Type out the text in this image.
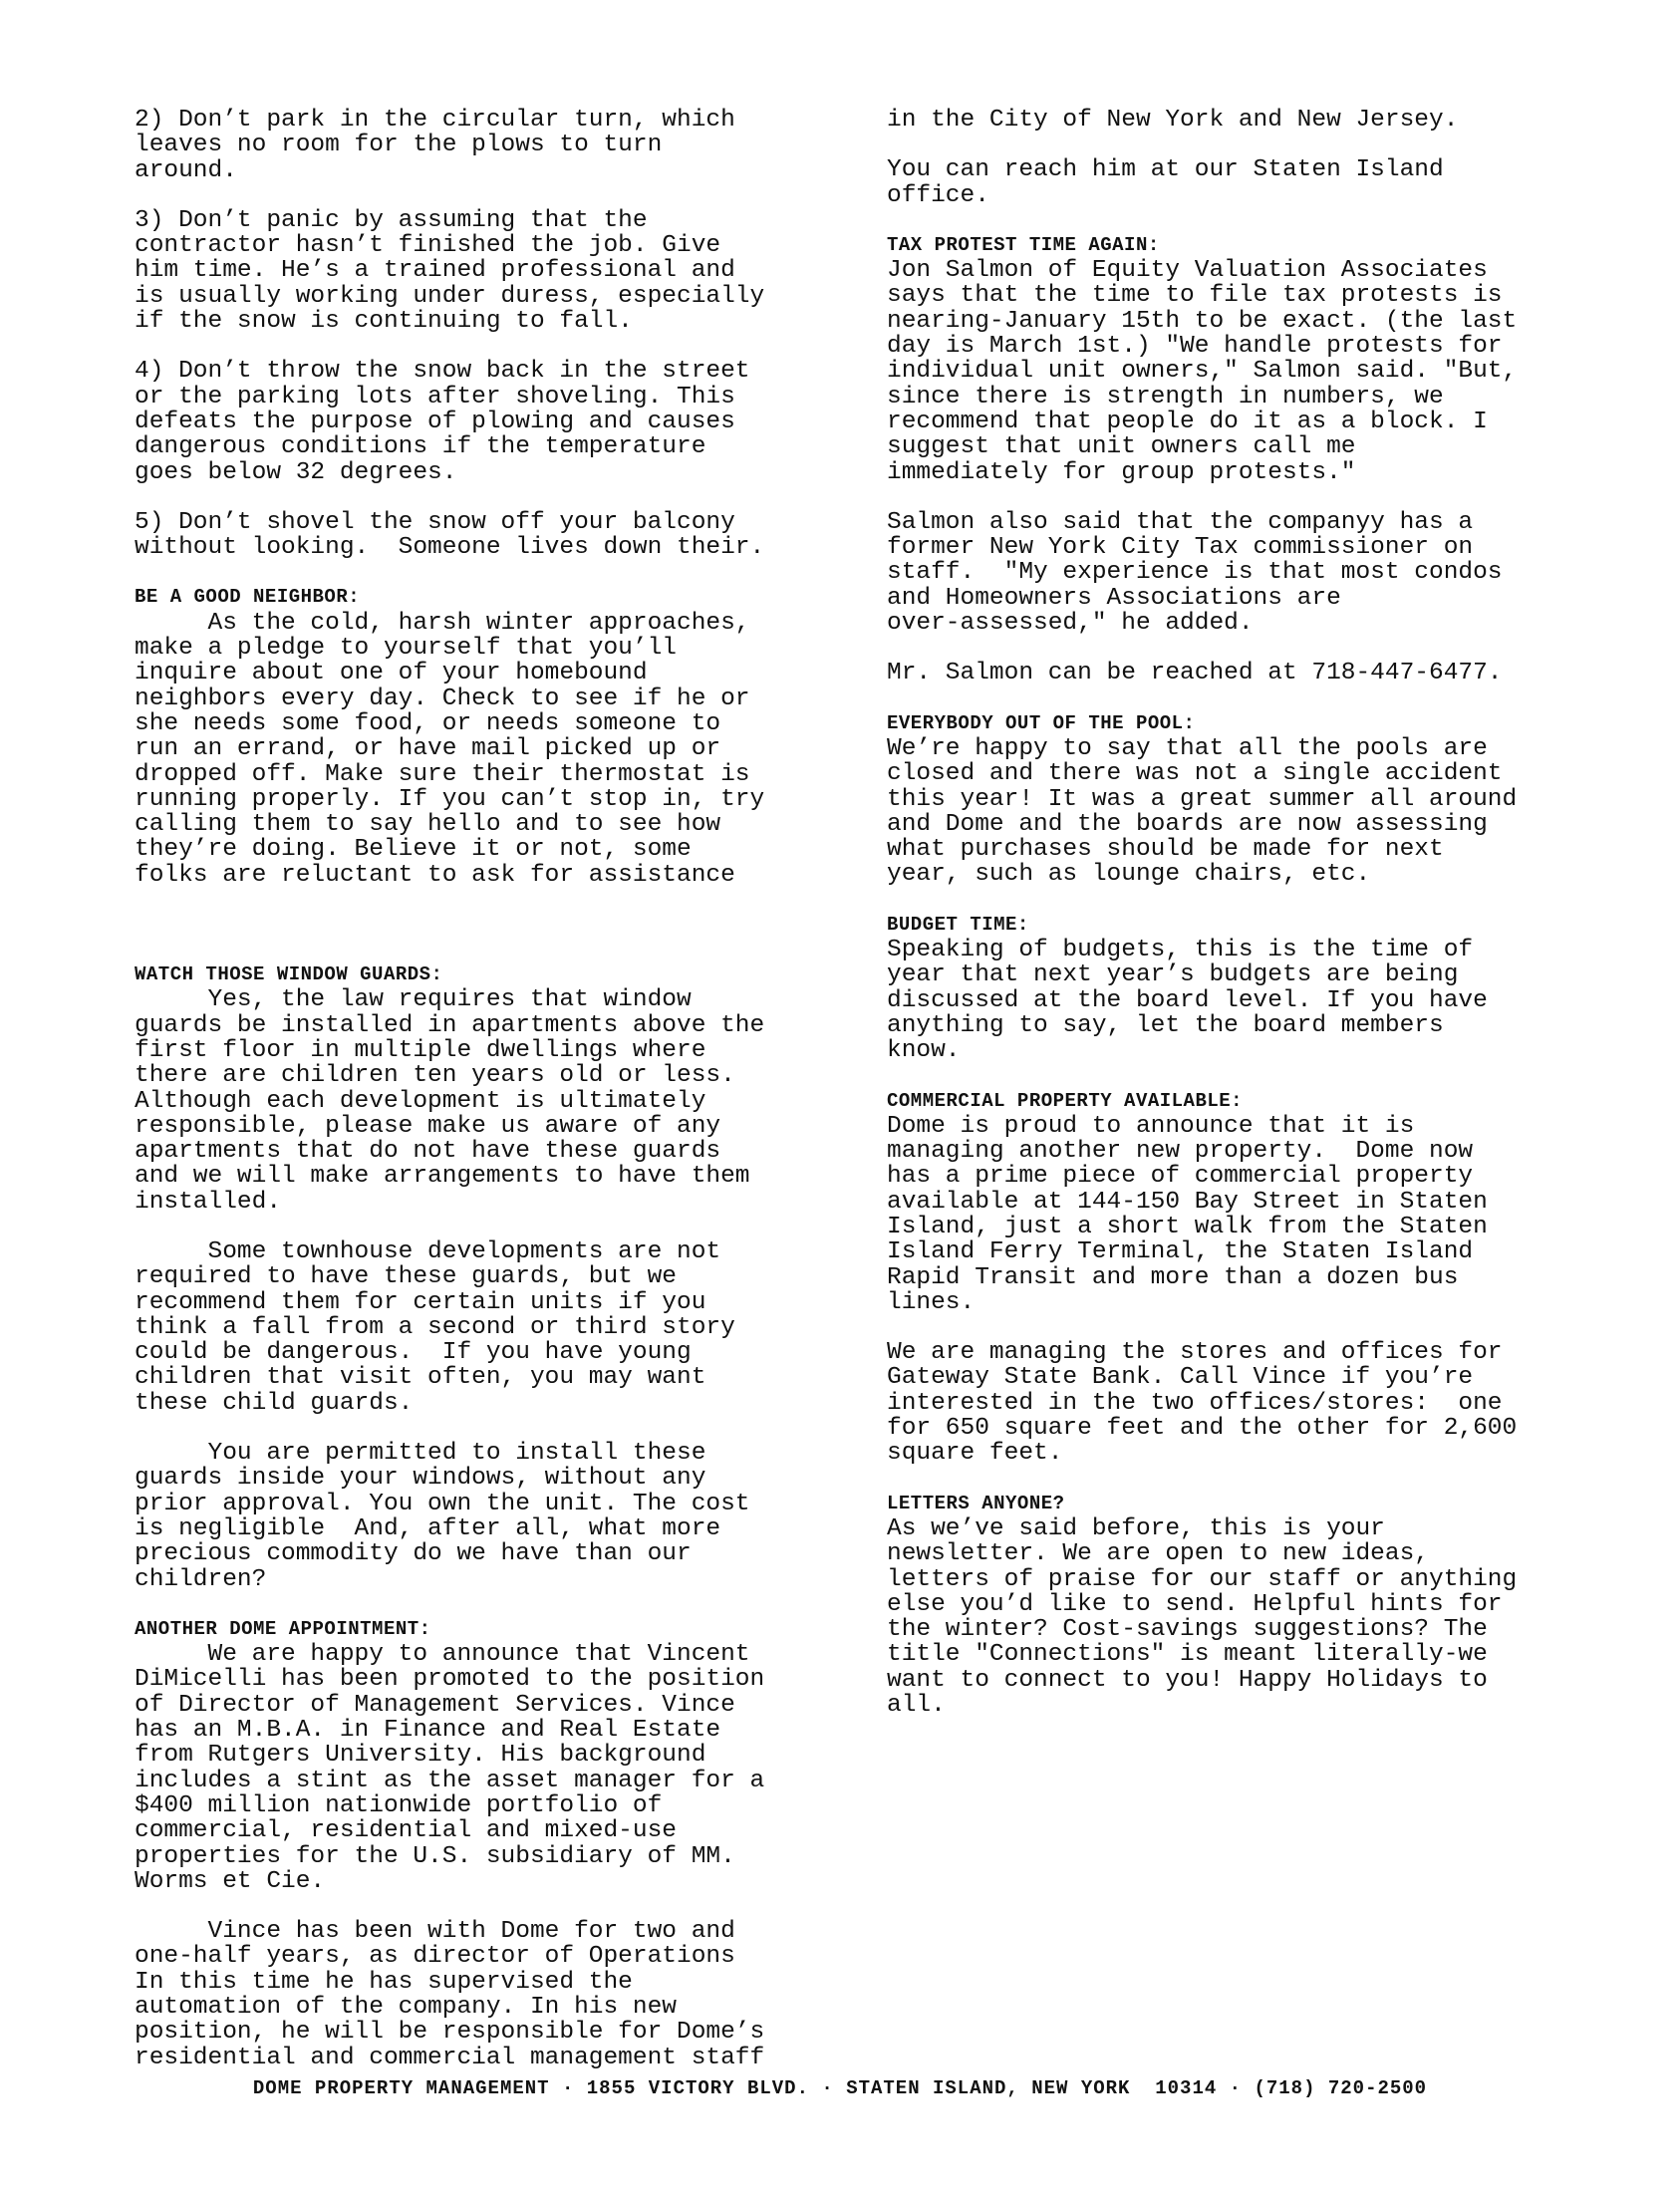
2) Don’t park in the circular turn, which
leaves no room for the plows to turn
around.
3) Don’t panic by assuming that the
contractor hasn’t finished the job. Give
him time. He’s a trained professional and
is usually working under duress, especially
if the snow is continuing to fall.
4) Don’t throw the snow back in the street
or the parking lots after shoveling. This
defeats the purpose of plowing and causes
dangerous conditions if the temperature
goes below 32 degrees.
5) Don’t shovel the snow off your balcony
without looking.  Someone lives down their.
BE A GOOD NEIGHBOR:
As the cold, harsh winter approaches,
make a pledge to yourself that you’ll
inquire about one of your homebound
neighbors every day. Check to see if he or
she needs some food, or needs someone to
run an errand, or have mail picked up or
dropped off. Make sure their thermostat is
running properly. If you can’t stop in, try
calling them to say hello and to see how
they’re doing. Believe it or not, some
folks are reluctant to ask for assistance
WATCH THOSE WINDOW GUARDS:
Yes, the law requires that window
guards be installed in apartments above the
first floor in multiple dwellings where
there are children ten years old or less.
Although each development is ultimately
responsible, please make us aware of any
apartments that do not have these guards
and we will make arrangements to have them
installed.
Some townhouse developments are not
required to have these guards, but we
recommend them for certain units if you
think a fall from a second or third story
could be dangerous.  If you have young
children that visit often, you may want
these child guards.
You are permitted to install these
guards inside your windows, without any
prior approval. You own the unit. The cost
is negligible  And, after all, what more
precious commodity do we have than our
children?
ANOTHER DOME APPOINTMENT:
We are happy to announce that Vincent
DiMicelli has been promoted to the position
of Director of Management Services. Vince
has an M.B.A. in Finance and Real Estate
from Rutgers University. His background
includes a stint as the asset manager for a
$400 million nationwide portfolio of
commercial, residential and mixed-use
properties for the U.S. subsidiary of MM.
Worms et Cie.
Vince has been with Dome for two and
one-half years, as director of Operations
In this time he has supervised the
automation of the company. In his new
position, he will be responsible for Dome’s
residential and commercial management staff
in the City of New York and New Jersey.
You can reach him at our Staten Island
office.
TAX PROTEST TIME AGAIN:
Jon Salmon of Equity Valuation Associates
says that the time to file tax protests is
nearing-January 15th to be exact. (the last
day is March 1st.) "We handle protests for
individual unit owners," Salmon said. "But,
since there is strength in numbers, we
recommend that people do it as a block. I
suggest that unit owners call me
immediately for group protests."
Salmon also said that the companyy has a
former New York City Tax commissioner on
staff.  "My experience is that most condos
and Homeowners Associations are
over-assessed," he added.
Mr. Salmon can be reached at 718-447-6477.
EVERYBODY OUT OF THE POOL:
We’re happy to say that all the pools are
closed and there was not a single accident
this year! It was a great summer all around
and Dome and the boards are now assessing
what purchases should be made for next
year, such as lounge chairs, etc.
BUDGET TIME:
Speaking of budgets, this is the time of
year that next year’s budgets are being
discussed at the board level. If you have
anything to say, let the board members
know.
COMMERCIAL PROPERTY AVAILABLE:
Dome is proud to announce that it is
managing another new property.  Dome now
has a prime piece of commercial property
available at 144-150 Bay Street in Staten
Island, just a short walk from the Staten
Island Ferry Terminal, the Staten Island
Rapid Transit and more than a dozen bus
lines.
We are managing the stores and offices for
Gateway State Bank. Call Vince if you’re
interested in the two offices/stores:  one
for 650 square feet and the other for 2,600
square feet.
LETTERS ANYONE?
As we’ve said before, this is your
newsletter. We are open to new ideas,
letters of praise for our staff or anything
else you’d like to send. Helpful hints for
the winter? Cost-savings suggestions? The
title "Connections" is meant literally-we
want to connect to you! Happy Holidays to
all.
DOME PROPERTY MANAGEMENT · 1855 VICTORY BLVD. · STATEN ISLAND, NEW YORK  10314 · (718) 720-2500
